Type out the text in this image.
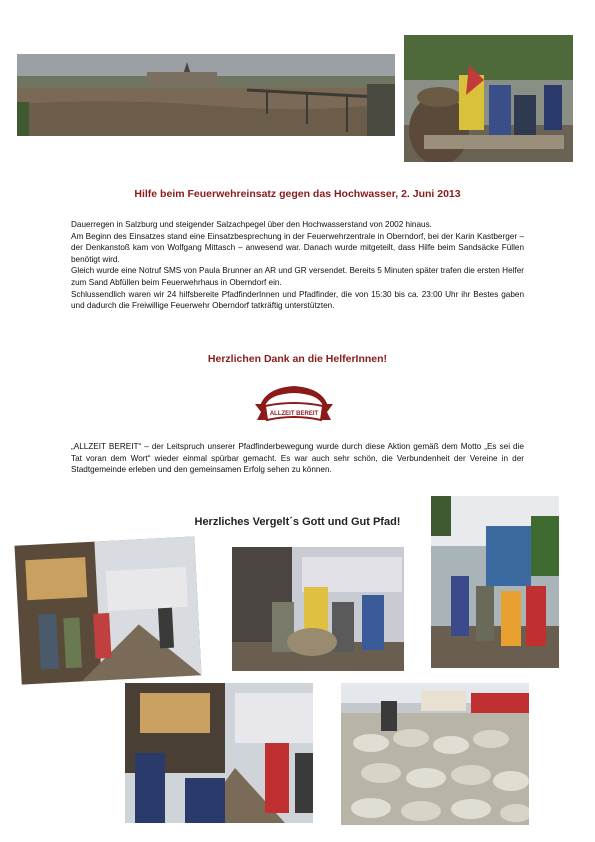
Hilfe beim Feuerwehreinsatz gegen das Hochwasser, 2. Juni 2013

Dauerregen in Salzburg und steigender Salzachpegel über den Hochwasserstand von 2002 hinaus.

Am Beginn des Einsatzes stand eine Einsatzbesprechung in der Feuerwehrzentrale in Oberndorf, bei der Karin Kastberger – der Denkanstoß kam von Wolfgang Mittasch – anwesend war. Danach wurde mitgeteilt, dass Hilfe beim Sandsäcke Füllen benötigt wird.

Gleich wurde eine Notruf SMS von Paula Brunner an AR und GR versendet. Bereits 5 Minuten später trafen die ersten Helfer zum Sand Abfüllen beim Feuerwehrhaus in Oberndorf ein.

Schlussendlich waren wir 24 hilfsbereite PfadfinderInnen und Pfadfinder, die von 15:30 bis ca. 23:00 Uhr ihr Bestes gaben und dadurch die Freiwillige Feuerwehr Oberndorf tatkräftig unterstützten.

Herzlichen Dank an die HelferInnen!
ALLZEIT BEREIT

„ALLZEIT BEREIT“ – der Leitspruch unserer Pfadfinderbewegung wurde durch diese Aktion gemäß dem Motto „Es sei die Tat voran dem Wort“ wieder einmal spürbar gemacht. Es war auch sehr schön, die Verbundenheit der Vereine in der Stadtgemeinde erleben und den gemeinsamen Erfolg sehen zu können.

Herzliches Vergelt´s Gott und Gut Pfad!
